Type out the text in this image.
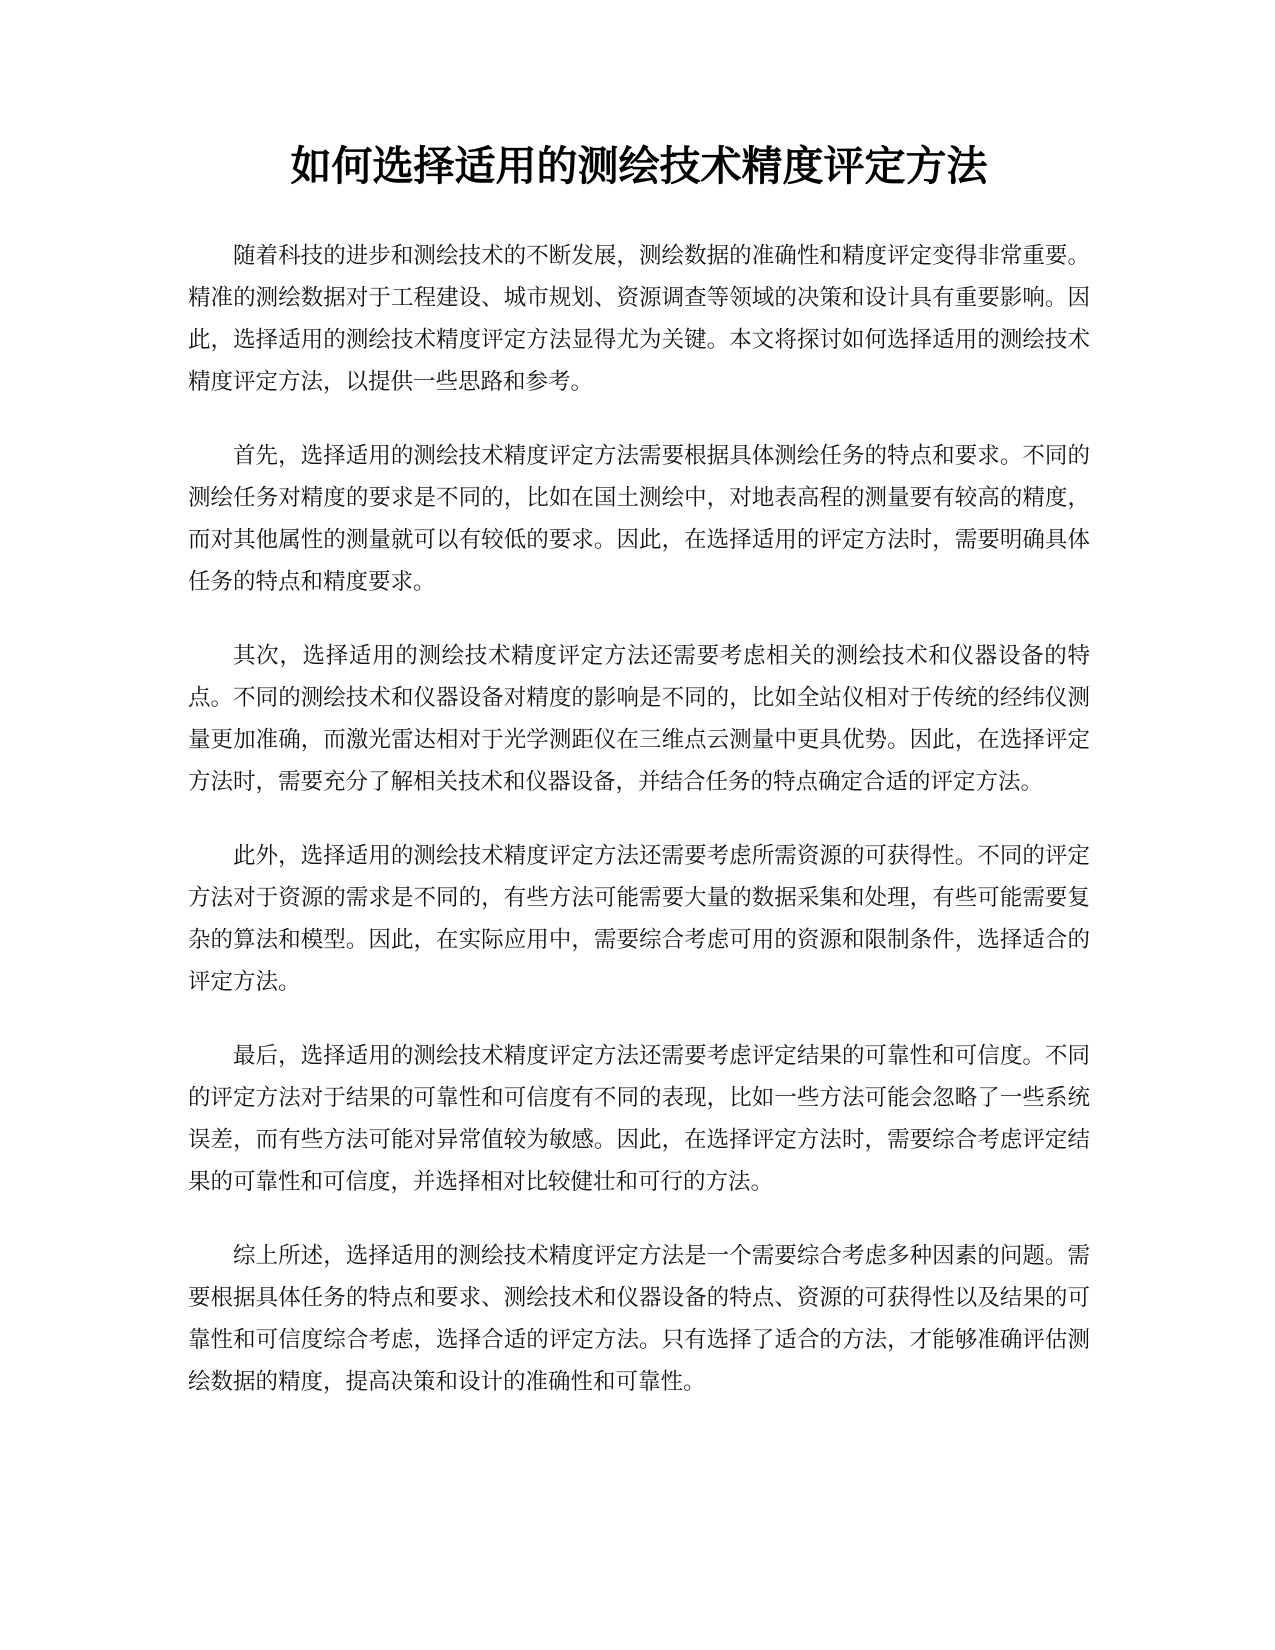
如何选择适用的测绘技术精度评定方法

随着科技的进步和测绘技术的不断发展，测绘数据的准确性和精度评定变得非常重要。精准的测绘数据对于工程建设、城市规划、资源调查等领域的决策和设计具有重要影响。因此，选择适用的测绘技术精度评定方法显得尤为关键。本文将探讨如何选择适用的测绘技术精度评定方法，以提供一些思路和参考。

首先，选择适用的测绘技术精度评定方法需要根据具体测绘任务的特点和要求。不同的测绘任务对精度的要求是不同的，比如在国土测绘中，对地表高程的测量要有较高的精度，而对其他属性的测量就可以有较低的要求。因此，在选择适用的评定方法时，需要明确具体任务的特点和精度要求。

其次，选择适用的测绘技术精度评定方法还需要考虑相关的测绘技术和仪器设备的特点。不同的测绘技术和仪器设备对精度的影响是不同的，比如全站仪相对于传统的经纬仪测量更加准确，而激光雷达相对于光学测距仪在三维点云测量中更具优势。因此，在选择评定方法时，需要充分了解相关技术和仪器设备，并结合任务的特点确定合适的评定方法。

此外，选择适用的测绘技术精度评定方法还需要考虑所需资源的可获得性。不同的评定方法对于资源的需求是不同的，有些方法可能需要大量的数据采集和处理，有些可能需要复杂的算法和模型。因此，在实际应用中，需要综合考虑可用的资源和限制条件，选择适合的评定方法。

最后，选择适用的测绘技术精度评定方法还需要考虑评定结果的可靠性和可信度。不同的评定方法对于结果的可靠性和可信度有不同的表现，比如一些方法可能会忽略了一些系统误差，而有些方法可能对异常值较为敏感。因此，在选择评定方法时，需要综合考虑评定结果的可靠性和可信度，并选择相对比较健壮和可行的方法。

综上所述，选择适用的测绘技术精度评定方法是一个需要综合考虑多种因素的问题。需要根据具体任务的特点和要求、测绘技术和仪器设备的特点、资源的可获得性以及结果的可靠性和可信度综合考虑，选择合适的评定方法。只有选择了适合的方法，才能够准确评估测绘数据的精度，提高决策和设计的准确性和可靠性。
